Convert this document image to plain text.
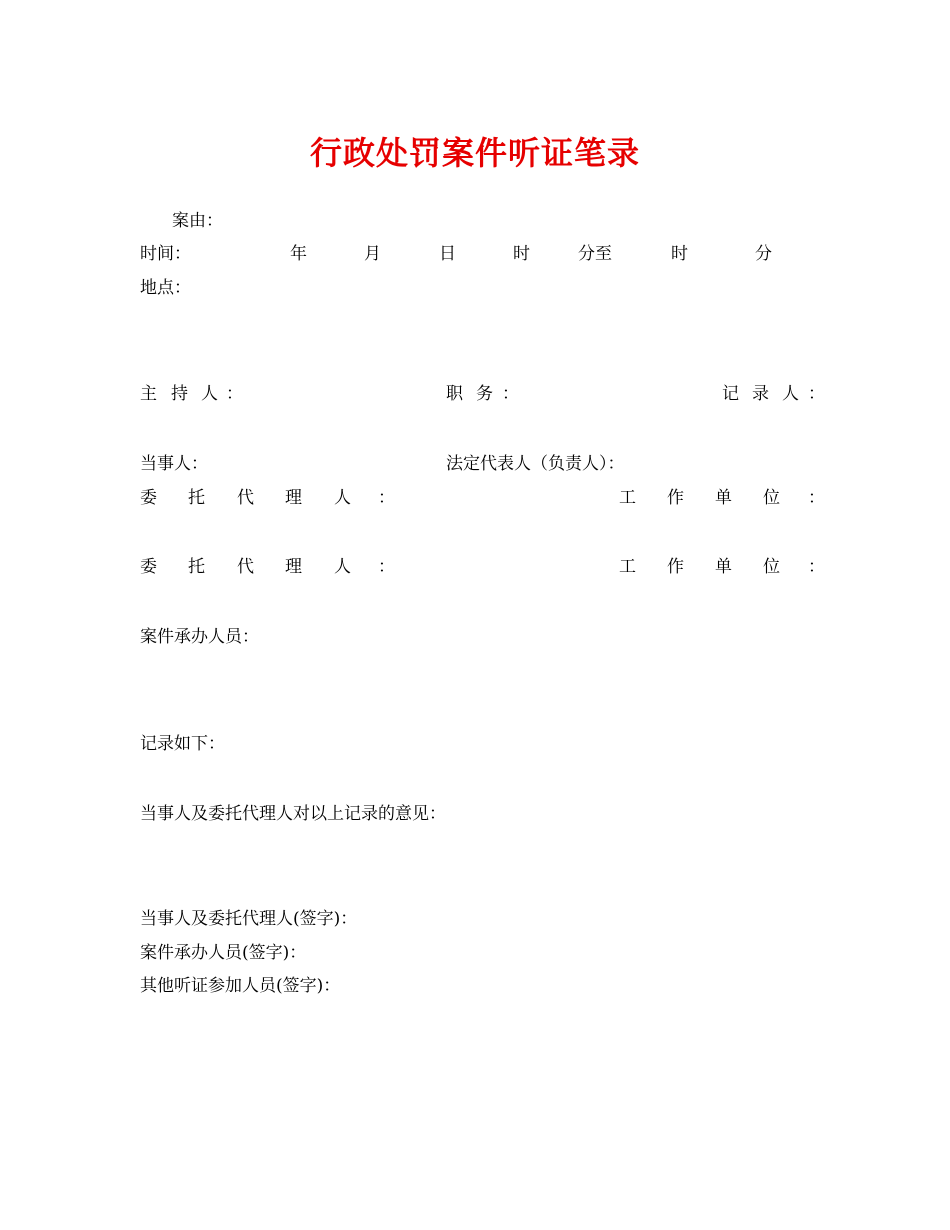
行政处罚案件听证笔录
案由：
时间：	年	月	日	时	分至	时	分
地点：
主 持 人 ：	职 务 ：	记 录 人 ：
当事人：	法定代表人（负责人）：
委 托 代 理 人 ：	工 作 单 位 ：
委 托 代 理 人 ：	工 作 单 位 ：
案件承办人员：
记录如下：
当事人及委托代理人对以上记录的意见：
当事人及委托代理人(签字)：
案件承办人员(签字)：
其他听证参加人员(签字)：
